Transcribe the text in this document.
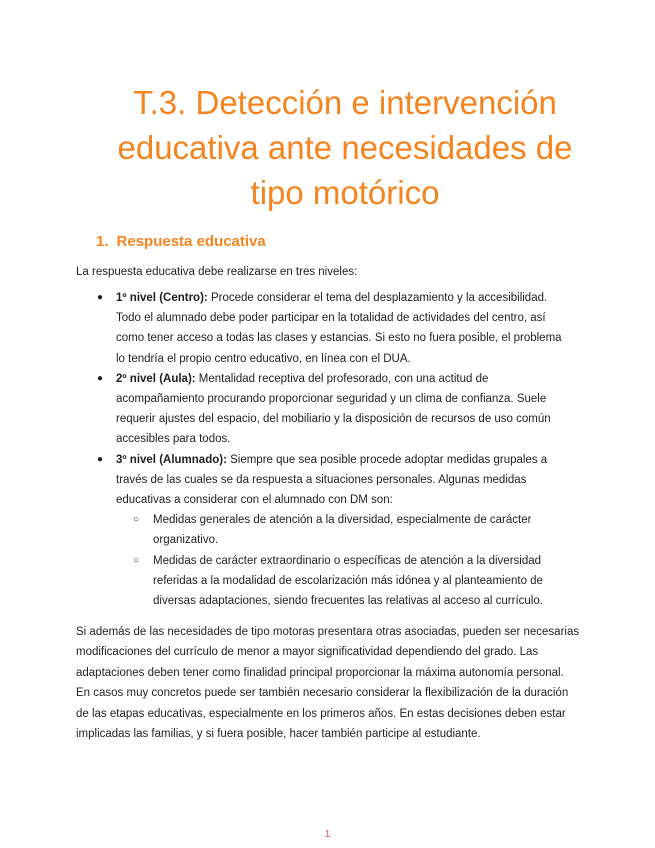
T.3. Detección e intervención educativa ante necesidades de tipo motórico
1. Respuesta educativa

La respuesta educativa debe realizarse en tres niveles:

● 1º nivel (Centro): Procede considerar el tema del desplazamiento y la accesibilidad. Todo el alumnado debe poder participar en la totalidad de actividades del centro, así como tener acceso a todas las clases y estancias. Si esto no fuera posible, el problema lo tendría el propio centro educativo, en línea con el DUA.
● 2º nivel (Aula): Mentalidad receptiva del profesorado, con una actitud de acompañamiento procurando proporcionar seguridad y un clima de confianza. Suele requerir ajustes del espacio, del mobiliario y la disposición de recursos de uso común accesibles para todos.
● 3º nivel (Alumnado): Siempre que sea posible procede adoptar medidas grupales a través de las cuales se da respuesta a situaciones personales. Algunas medidas educativas a considerar con el alumnado con DM son:
○ Medidas generales de atención a la diversidad, especialmente de carácter organizativo.
○ Medidas de carácter extraordinario o específicas de atención a la diversidad referidas a la modalidad de escolarización más idónea y al planteamiento de diversas adaptaciones, siendo frecuentes las relativas al acceso al currículo.

Si además de las necesidades de tipo motoras presentara otras asociadas, pueden ser necesarias modificaciones del currículo de menor a mayor significatividad dependiendo del grado. Las adaptaciones deben tener como finalidad principal proporcionar la máxima autonomía personal. En casos muy concretos puede ser también necesario considerar la flexibilización de la duración de las etapas educativas, especialmente en los primeros años. En estas decisiones deben estar implicadas las familias, y si fuera posible, hacer también participe al estudiante.

1
